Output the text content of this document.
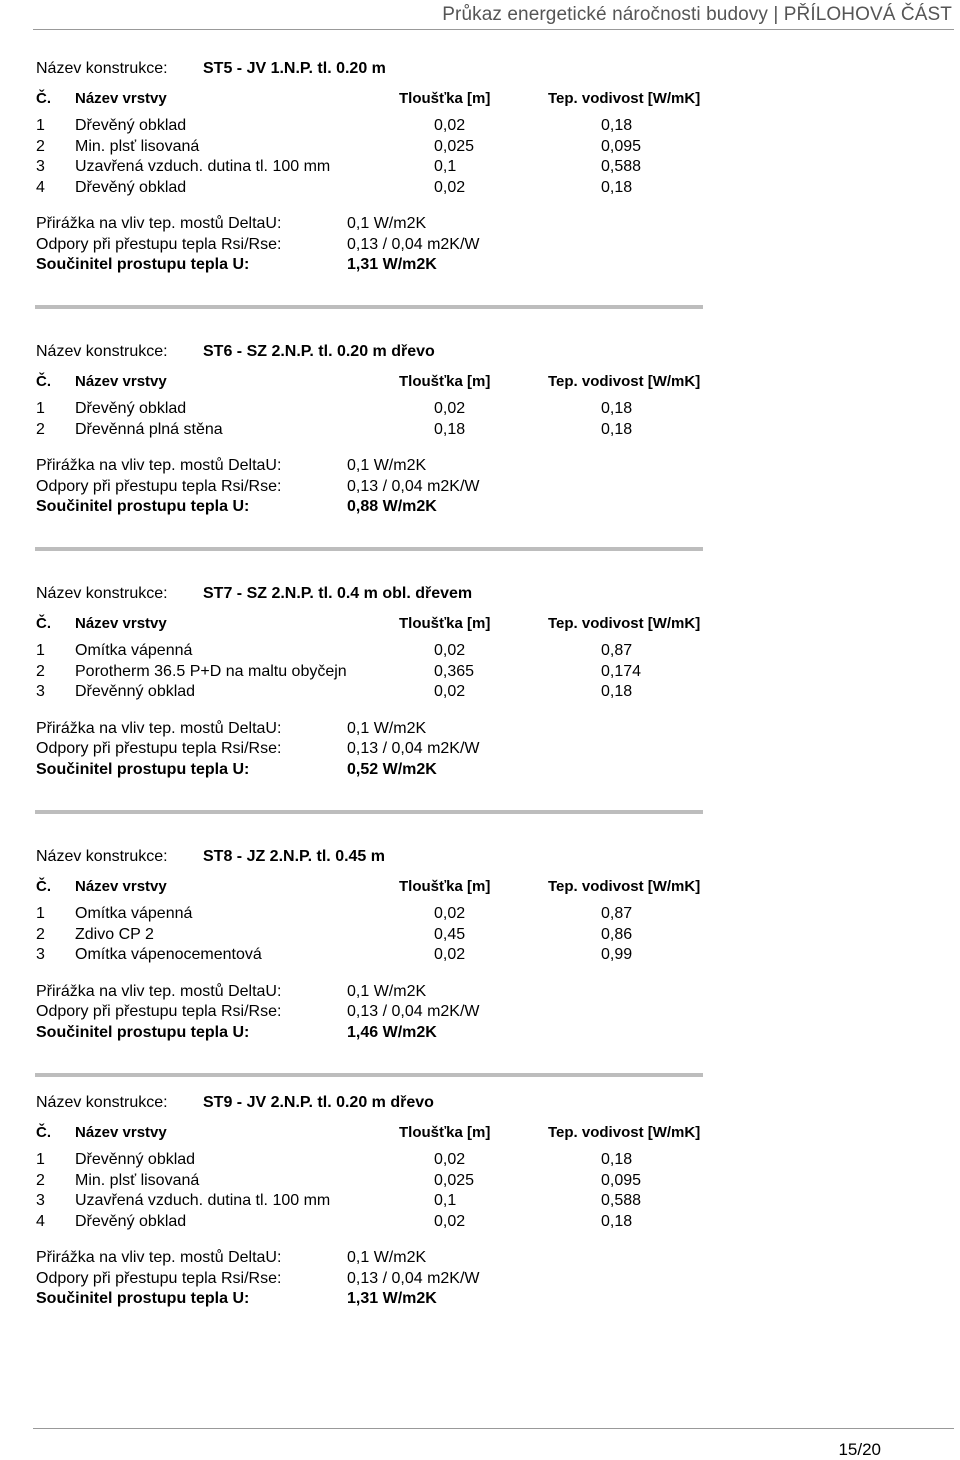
Průkaz energetické náročnosti budovy | PŘÍLOHOVÁ ČÁST
Název konstrukce: ST5 - JV 1.N.P. tl. 0.20 m
Č. Název vrstvy	Tloušťka [m]	Tep. vodivost [W/mK]
1 Dřevěný obklad	0,02	0,18
2 Min. plsť lisovaná	0,025	0,095
3 Uzavřená vzduch. dutina tl. 100 mm	0,1	0,588
4 Dřevěný obklad	0,02	0,18
Přirážka na vliv tep. mostů DeltaU:	0,1 W/m2K
Odpory při přestupu tepla Rsi/Rse:	0,13 / 0,04 m2K/W
Součinitel prostupu tepla U:	1,31 W/m2K
Název konstrukce: ST6 - SZ 2.N.P. tl. 0.20 m dřevo
Č. Název vrstvy	Tloušťka [m]	Tep. vodivost [W/mK]
1 Dřevěný obklad	0,02	0,18
2 Dřevěnná plná stěna	0,18	0,18
Přirážka na vliv tep. mostů DeltaU:	0,1 W/m2K
Odpory při přestupu tepla Rsi/Rse:	0,13 / 0,04 m2K/W
Součinitel prostupu tepla U:	0,88 W/m2K
Název konstrukce: ST7 - SZ 2.N.P. tl. 0.4 m obl. dřevem
Č. Název vrstvy	Tloušťka [m]	Tep. vodivost [W/mK]
1 Omítka vápenná	0,02	0,87
2 Porotherm 36.5 P+D na maltu obyčejn	0,365	0,174
3 Dřevěnný obklad	0,02	0,18
Přirážka na vliv tep. mostů DeltaU:	0,1 W/m2K
Odpory při přestupu tepla Rsi/Rse:	0,13 / 0,04 m2K/W
Součinitel prostupu tepla U:	0,52 W/m2K
Název konstrukce: ST8 - JZ 2.N.P. tl. 0.45 m
Č. Název vrstvy	Tloušťka [m]	Tep. vodivost [W/mK]
1 Omítka vápenná	0,02	0,87
2 Zdivo CP 2	0,45	0,86
3 Omítka vápenocementová	0,02	0,99
Přirážka na vliv tep. mostů DeltaU:	0,1 W/m2K
Odpory při přestupu tepla Rsi/Rse:	0,13 / 0,04 m2K/W
Součinitel prostupu tepla U:	1,46 W/m2K
Název konstrukce: ST9 - JV 2.N.P. tl. 0.20 m dřevo
Č. Název vrstvy	Tloušťka [m]	Tep. vodivost [W/mK]
1 Dřevěnný obklad	0,02	0,18
2 Min. plsť lisovaná	0,025	0,095
3 Uzavřená vzduch. dutina tl. 100 mm	0,1	0,588
4 Dřevěný obklad	0,02	0,18
Přirážka na vliv tep. mostů DeltaU:	0,1 W/m2K
Odpory při přestupu tepla Rsi/Rse:	0,13 / 0,04 m2K/W
Součinitel prostupu tepla U:	1,31 W/m2K
15/20
